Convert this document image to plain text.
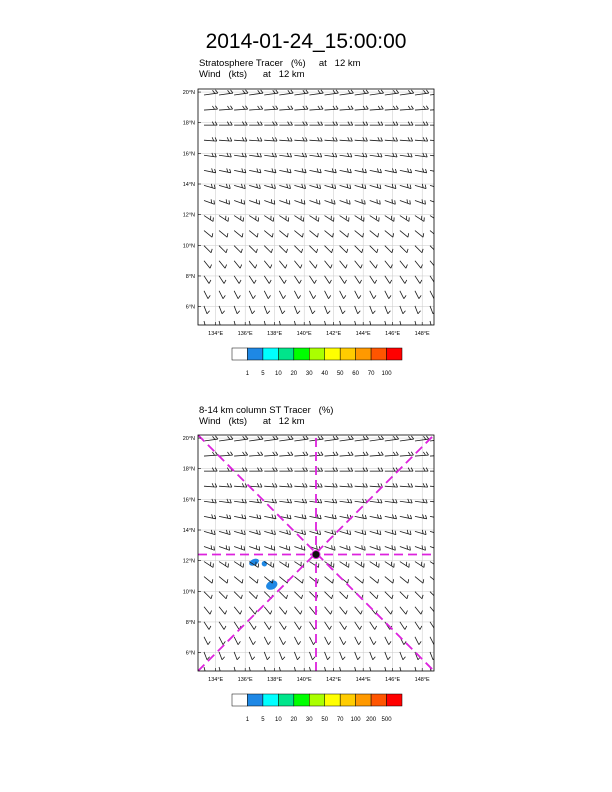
2014-01-24_15:00:00
Stratosphere Tracer   (%)     at   12 km
Wind   (kts)      at   12 km
134°E	136°E	138°E	140°E	142°E	144°E	146°E	148°E
6°N
8°N
10°N
12°N
14°N
16°N
18°N
20°N
1 5 10 20 30 40 50 60 70 100
8-14 km column ST Tracer   (%)
Wind   (kts)      at   12 km
134°E	136°E	138°E	140°E	142°E	144°E	146°E	148°E
6°N
8°N
10°N
12°N
14°N
16°N
18°N
20°N
1 5 10 20 30 50 70 100 200 500
